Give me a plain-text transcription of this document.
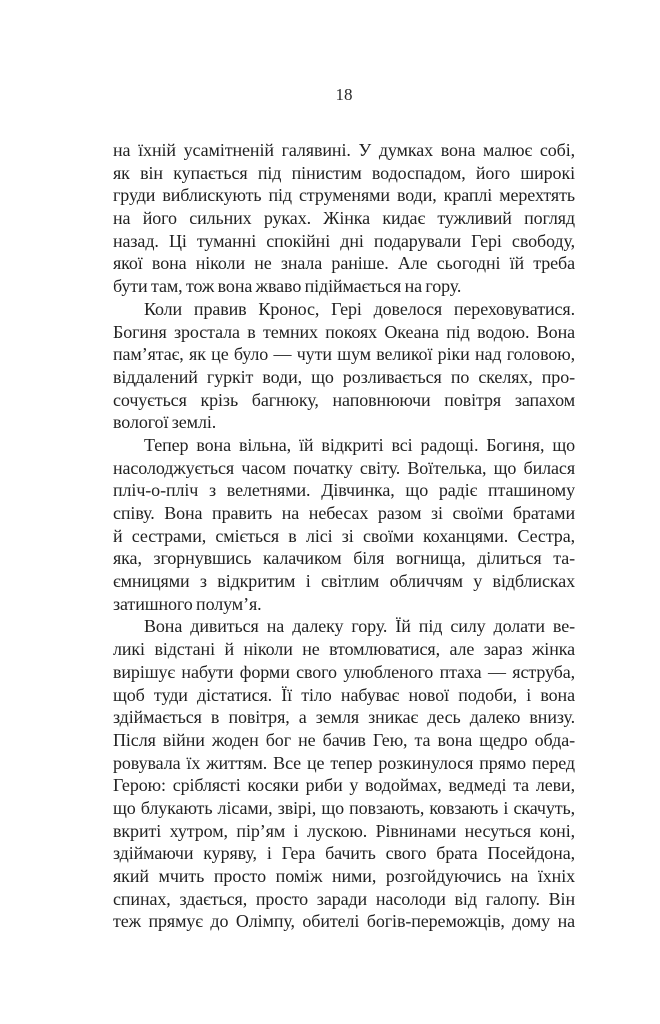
18
на їхній усамітненій галявині. У думках вона малює собі,
як він купається під пінистим водоспадом, його широкі
груди виблискують під струменями води, краплі мерехтять
на його сильних руках. Жінка кидає тужливий погляд
назад. Ці туманні спокійні дні подарували Гері свободу,
якої вона ніколи не знала раніше. Але сьогодні їй треба
бути там, тож вона жваво підіймається на гору.
Коли правив Кронос, Гері довелося переховуватися.
Богиня зростала в темних покоях Океана під водою. Вона
пам’ятає, як це було — чути шум великої ріки над головою,
віддалений гуркіт води, що розливається по скелях, про-
сочується крізь багнюку, наповнюючи повітря запахом
вологої землі.
Тепер вона вільна, їй відкриті всі радощі. Богиня, що
насолоджується часом початку світу. Воїтелька, що билася
пліч-о-пліч з велетнями. Дівчинка, що радіє пташиному
співу. Вона править на небесах разом зі своїми братами
й сестрами, сміється в лісі зі своїми коханцями. Сестра,
яка, згорнувшись калачиком біля вогнища, ділиться та-
ємницями з відкритим і світлим обличчям у відблисках
затишного полум’я.
Вона дивиться на далеку гору. Їй під силу долати ве-
ликі відстані й ніколи не втомлюватися, але зараз жінка
вирішує набути форми свого улюбленого птаха — яструба,
щоб туди дістатися. Її тіло набуває нової подоби, і вона
здіймається в повітря, а земля зникає десь далеко внизу.
Після війни жоден бог не бачив Гею, та вона щедро обда-
ровувала їх життям. Все це тепер розкинулося прямо перед
Герою: сріблясті косяки риби у водоймах, ведмеді та леви,
що блукають лісами, звірі, що повзають, ковзають і скачуть,
вкриті хутром, пір’ям і лускою. Рівнинами несуться коні,
здіймаючи куряву, і Гера бачить свого брата Посейдона,
який мчить просто поміж ними, розгойдуючись на їхніх
спинах, здається, просто заради насолоди від галопу. Він
теж прямує до Олімпу, обителі богів-переможців, дому на
